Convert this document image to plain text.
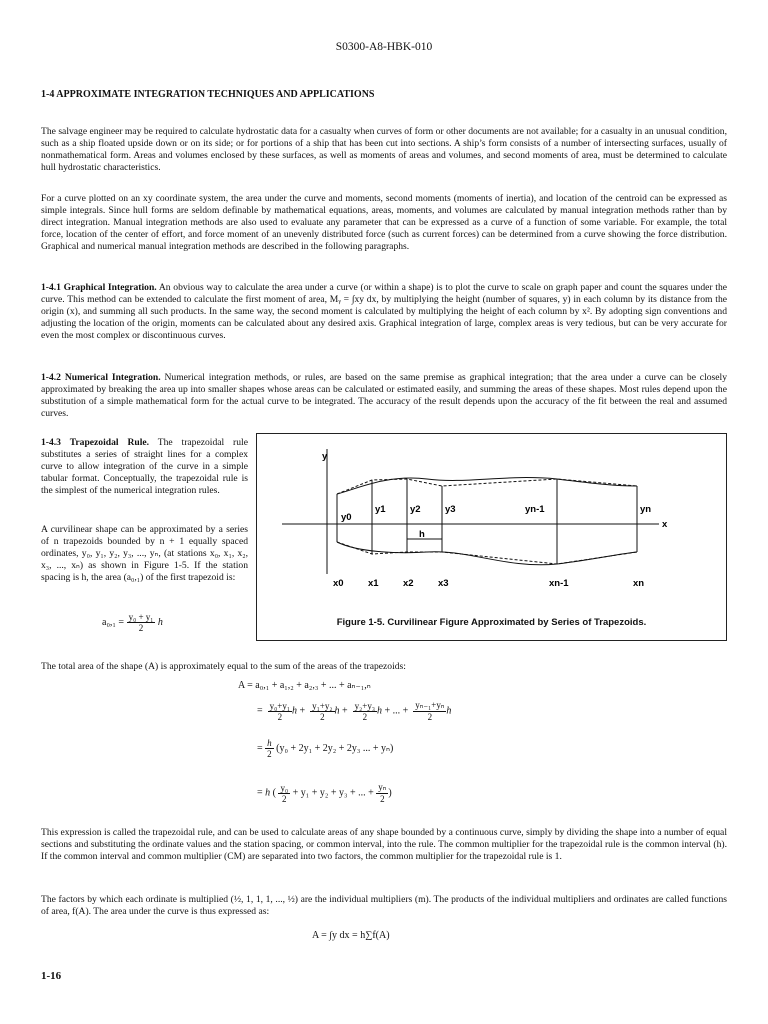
S0300-A8-HBK-010
1-4 APPROXIMATE INTEGRATION TECHNIQUES AND APPLICATIONS
The salvage engineer may be required to calculate hydrostatic data for a casualty when curves of form or other documents are not available; for a casualty in an unusual condition, such as a ship floated upside down or on its side; or for portions of a ship that has been cut into sections. A ship’s form consists of a number of intersecting surfaces, usually of nonmathematical form. Areas and volumes enclosed by these surfaces, as well as moments of areas and volumes, and second moments of area, must be determined to calculate hull hydrostatic characteristics.
For a curve plotted on an xy coordinate system, the area under the curve and moments, second moments (moments of inertia), and location of the centroid can be expressed as simple integrals. Since hull forms are seldom definable by mathematical equations, areas, moments, and volumes are calculated by manual integration methods rather than by direct integration. Manual integration methods are also used to evaluate any parameter that can be expressed as a curve of a function of some variable. For example, the total force, location of the center of effort, and force moment of an unevenly distributed force (such as current forces) can be determined from a curve showing the force distribution. Graphical and numerical manual integration methods are described in the following paragraphs.
1-4.1 Graphical Integration. An obvious way to calculate the area under a curve (or within a shape) is to plot the curve to scale on graph paper and count the squares under the curve. This method can be extended to calculate the first moment of area, Mᵧ = ∫xy dx, by multiplying the height (number of squares, y) in each column by its distance from the origin (x), and summing all such products. In the same way, the second moment is calculated by multiplying the height of each column by x². By adopting sign conventions and adjusting the location of the origin, moments can be calculated about any desired axis. Graphical integration of large, complex areas is very tedious, but can be very accurate for even the most complex or discontinuous curves.
1-4.2 Numerical Integration. Numerical integration methods, or rules, are based on the same premise as graphical integration; that the area under a curve can be closely approximated by breaking the area up into smaller shapes whose areas can be calculated or estimated easily, and summing the areas of these shapes. Most rules depend upon the substitution of a simple mathematical form for the actual curve to be integrated. The accuracy of the result depends upon the accuracy of the fit between the real and assumed curves.
1-4.3 Trapezoidal Rule. The trapezoidal rule substitutes a series of straight lines for a complex curve to allow integration of the curve in a simple tabular format. Conceptually, the trapezoidal rule is the simplest of the numerical integration rules.
A curvilinear shape can be approximated by a series of n trapezoids bounded by n + 1 equally spaced ordinates, y₀, y₁, y₂, y₃, ..., yₙ, (at stations x₀, x₁, x₂, x₃, ..., xₙ) as shown in Figure 1-5. If the station spacing is h, the area (a₀,₁) of the first trapezoid is:
$a_0,_1 = \frac{\text{y₀ + y₁}}{2}$ h
y
x
h
y0
y1	y2	y3	yn-1	yn
x0	x1	x2	x3	xn-1	xn
Figure 1-5. Curvilinear Figure Approximated by Series of Trapezoids.
The total area of the shape (A) is approximately equal to the sum of the areas of the trapezoids:
A = a₀,₁ + a₁,₂ + a₂,₃ + ... + aₙ₋₁,ₙ
= $\frac{\text{y₀+y₁}}{2}$ $h + \frac{\text{y₁+y₂}}{2}$ $h + \frac{\text{y₂+y₃}}{2}$ h + ... + $\frac{\text{yₙ₋₁+yₙ}}{2}$ h
= $\frac{h}{2} (y_0 + 2y_1 + 2y_2 + 2y_3$ ... + yₙ)
= h ( $\frac{\text{y₀}}{2} + y_1 + y_2 + y_3$ + ... + $\frac{\text{yₙ}}{2}$ )
This expression is called the trapezoidal rule, and can be used to calculate areas of any shape bounded by a continuous curve, simply by dividing the shape into a number of equal sections and substituting the ordinate values and the station spacing, or common interval, into the rule. The common multiplier for the trapezoidal rule is the common interval (h). If the common interval and common multiplier (CM) are separated into two factors, the common multiplier for the trapezoidal rule is 1.
The factors by which each ordinate is multiplied (½, 1, 1, 1, ..., ½) are the individual multipliers (m). The products of the individual multipliers and ordinates are called functions of area, f(A). The area under the curve is thus expressed as:
A = ∫y dx = h∑f(A)
1-16
